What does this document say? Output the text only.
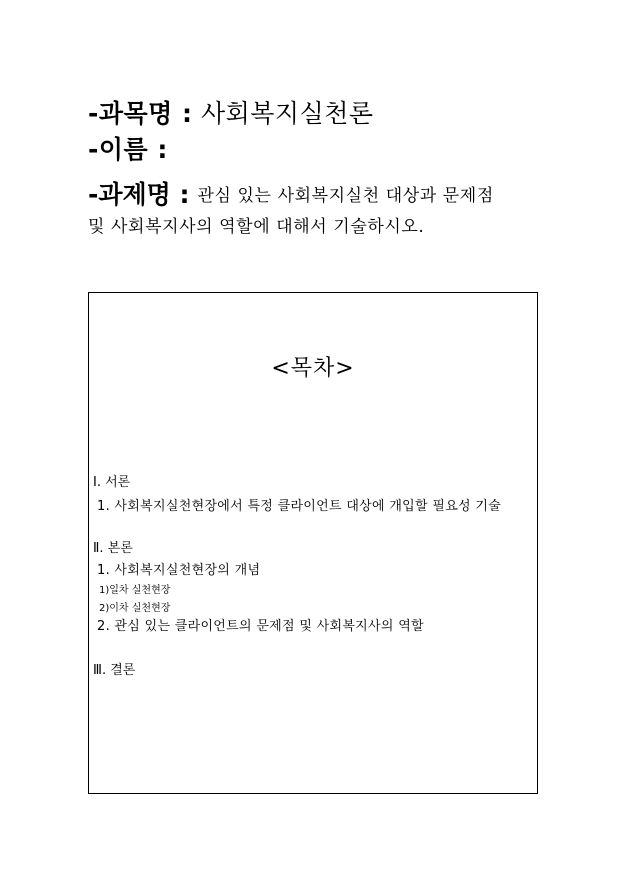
-과목명 : 사회복지실천론
-이름 :
-과제명 : 관심 있는 사회복지실천 대상과 문제점
및 사회복지사의 역할에 대해서 기술하시오.
<목차>
Ⅰ. 서론
1. 사회복지실천현장에서 특정 클라이언트 대상에 개입할 필요성 기술
Ⅱ. 본론
1. 사회복지실천현장의 개념
1)일차 실천현장
2)이차 실천현장
2. 관심 있는 클라이언트의 문제점 및 사회복지사의 역할
Ⅲ. 결론
